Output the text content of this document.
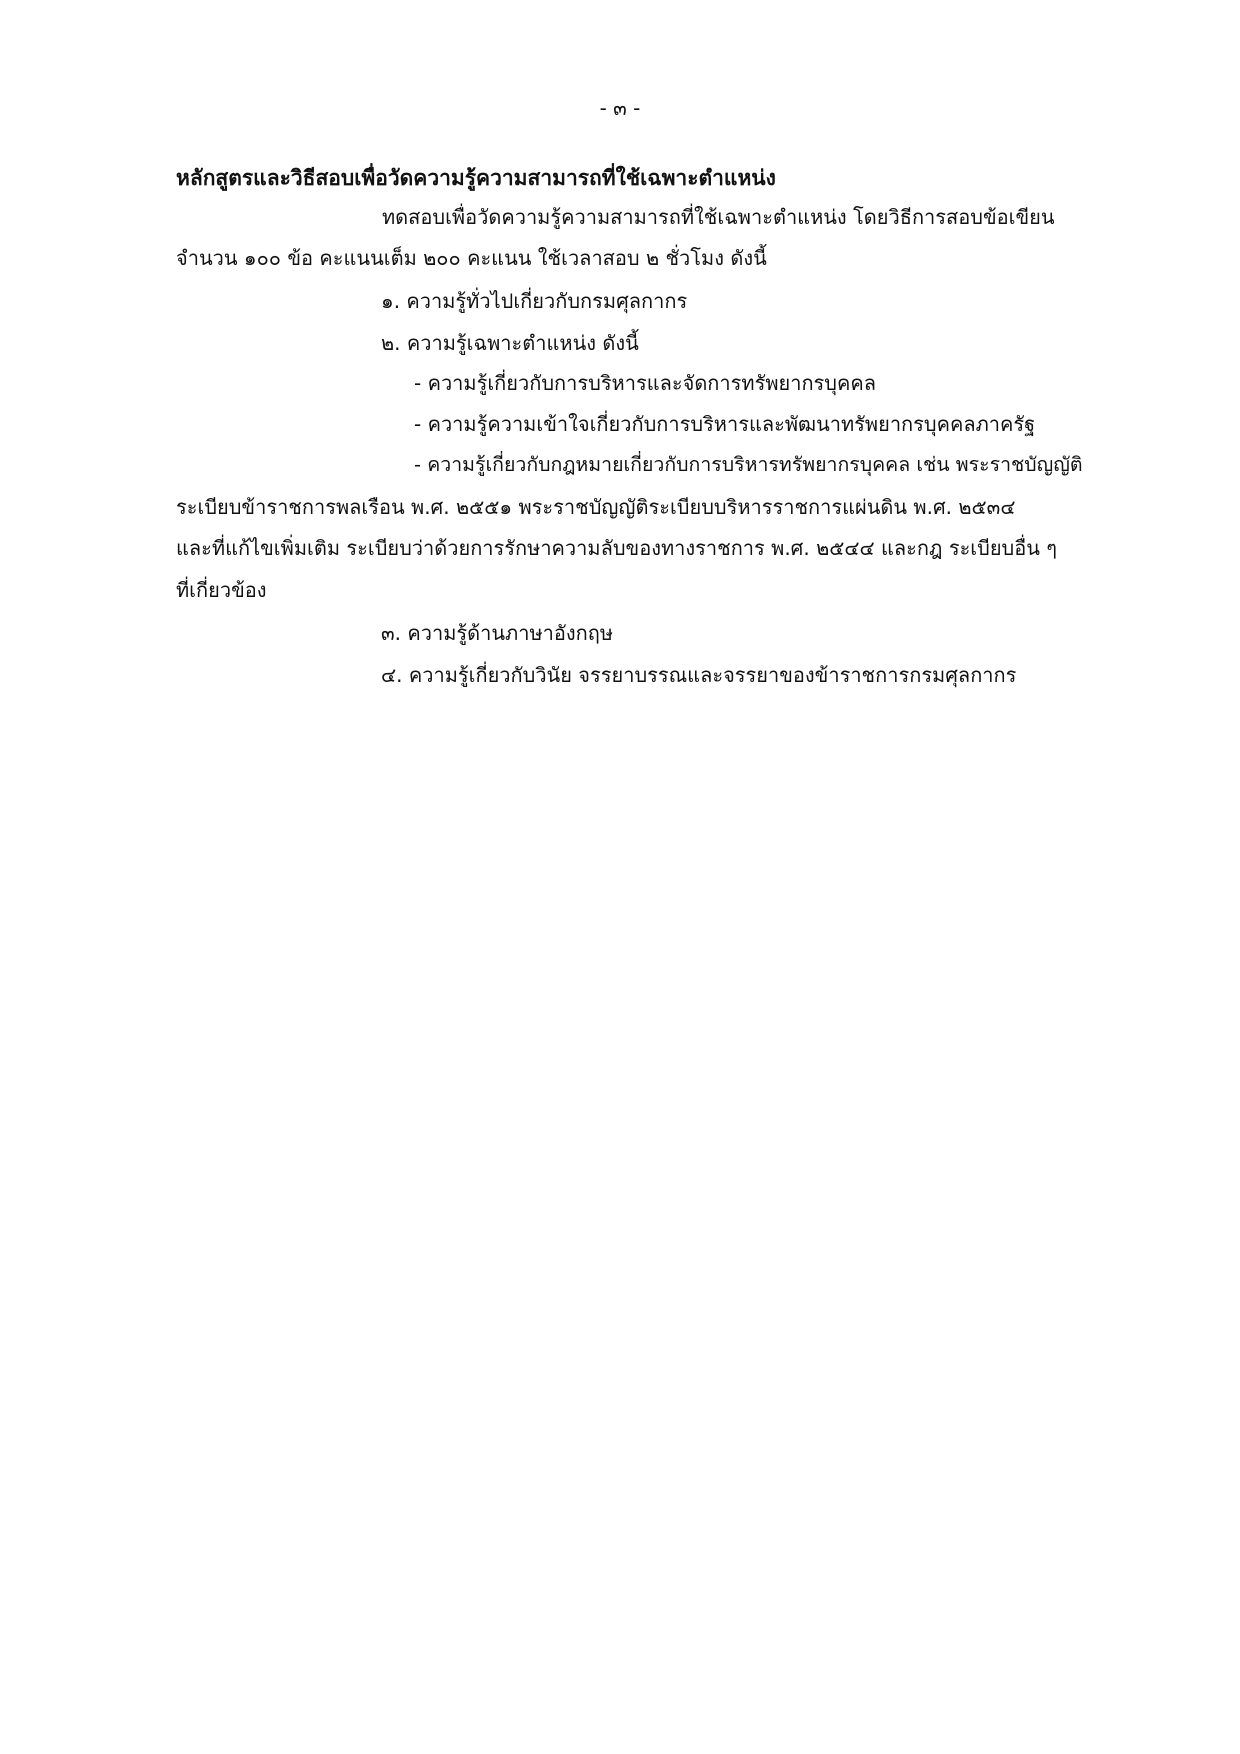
- ๓ -
หลักสูตรและวิธีสอบเพื่อวัดความรู้ความสามารถที่ใช้เฉพาะตำแหน่ง
ทดสอบเพื่อวัดความรู้ความสามารถที่ใช้เฉพาะตำแหน่ง โดยวิธีการสอบข้อเขียน
จำนวน ๑๐๐ ข้อ คะแนนเต็ม ๒๐๐ คะแนน ใช้เวลาสอบ ๒ ชั่วโมง ดังนี้
๑. ความรู้ทั่วไปเกี่ยวกับกรมศุลกากร
๒. ความรู้เฉพาะตำแหน่ง ดังนี้
- ความรู้เกี่ยวกับการบริหารและจัดการทรัพยากรบุคคล
- ความรู้ความเข้าใจเกี่ยวกับการบริหารและพัฒนาทรัพยากรบุคคลภาครัฐ
- ความรู้เกี่ยวกับกฎหมายเกี่ยวกับการบริหารทรัพยากรบุคคล เช่น พระราชบัญญัติ
ระเบียบข้าราชการพลเรือน พ.ศ. ๒๕๕๑ พระราชบัญญัติระเบียบบริหารราชการแผ่นดิน พ.ศ. ๒๕๓๔
และที่แก้ไขเพิ่มเติม ระเบียบว่าด้วยการรักษาความลับของทางราชการ พ.ศ. ๒๕๔๔ และกฎ ระเบียบอื่น ๆ
ที่เกี่ยวข้อง
๓. ความรู้ด้านภาษาอังกฤษ
๔. ความรู้เกี่ยวกับวินัย จรรยาบรรณและจรรยาของข้าราชการกรมศุลกากร
